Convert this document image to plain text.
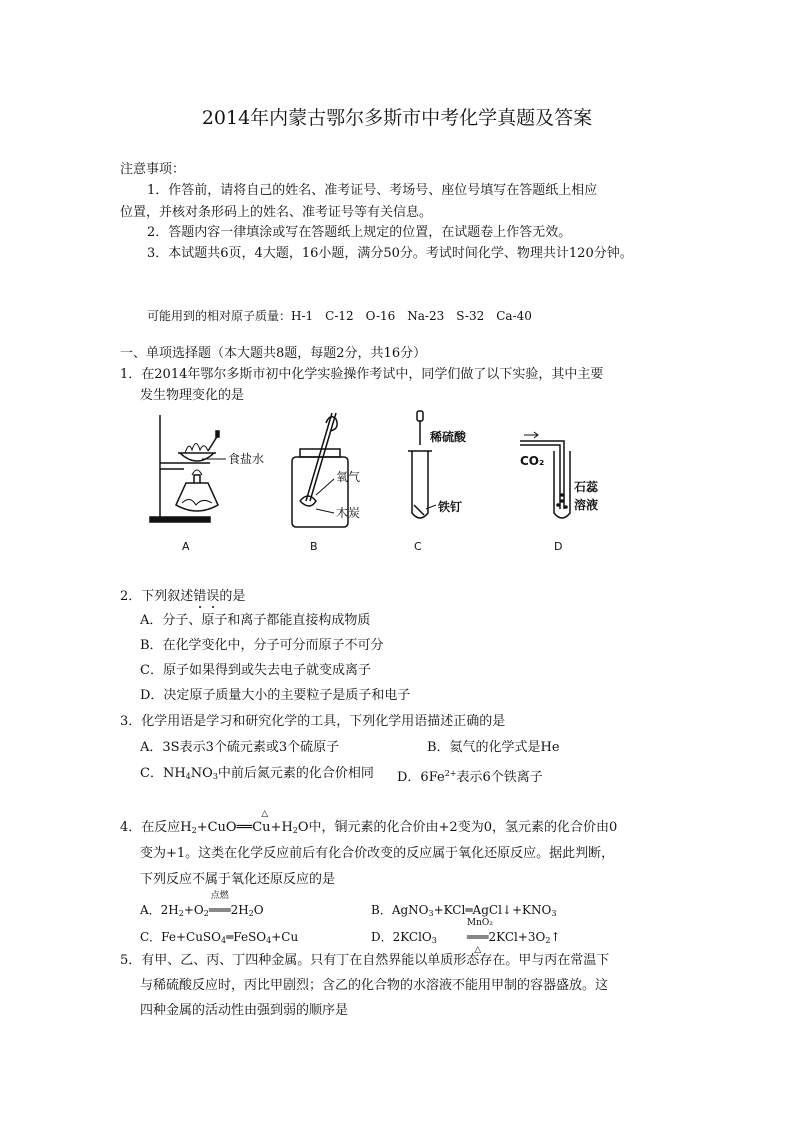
2014年内蒙古鄂尔多斯市中考化学真题及答案
注意事项：
1．作答前，请将自己的姓名、准考证号、考场号、座位号填写在答题纸上相应
位置，并核对条形码上的姓名、准考证号等有关信息。
2．答题内容一律填涂或写在答题纸上规定的位置，在试题卷上作答无效。
3．本试题共6页，4大题，16小题，满分50分。考试时间化学、物理共计120分钟。
可能用到的相对原子质量：H-1　C-12　O-16　Na-23　S-32　Ca-40
一、单项选择题（本大题共8题，每题2分，共16分）
1．在2014年鄂尔多斯市初中化学实验操作考试中，同学们做了以下实验，其中主要
发生物理变化的是
食盐水
A
氧气
木炭
B
稀硫酸
铁钉
C
CO₂
石蕊
溶液
D
2．下列叙述错误的是
A．分子、原子和离子都能直接构成物质
B．在化学变化中，分子可分而原子不可分
C．原子如果得到或失去电子就变成离子
D．决定原子质量大小的主要粒子是质子和电子
3．化学用语是学习和研究化学的工具，下列化学用语描述正确的是
A．3S表示3个硫元素或3个硫原子	B．氦气的化学式是He
C．$NH_4NO_3$中前后氮元素的化合价相同 D．$6Fe^{2+}$表示6个铁离子
4．在反应$H_2+CuO$
△
$══Cu+H_2O$中，铜元素的化合价由+2变为0，氢元素的化合价由0
变为+1。这类在化学反应前后有化合价改变的反应属于氧化还原反应。据此判断，
下列反应不属于氧化还原反应的是
A．$2H_2+O_2$
点燃
$═══2H_2O$	B．$AgNO_3+KCl═AgCl↓+KNO_3$
C．Fe+CuSO$_4$═FeSO$_4$+Cu	D．2KClO$_3$
MnO₂
═══
△
$2KCl+3O_2↑$
5．有甲、乙、丙、丁四种金属。只有丁在自然界能以单质形态存在。甲与丙在常温下
与稀硫酸反应时，丙比甲剧烈；含乙的化合物的水溶液不能用甲制的容器盛放。这
四种金属的活动性由强到弱的顺序是
